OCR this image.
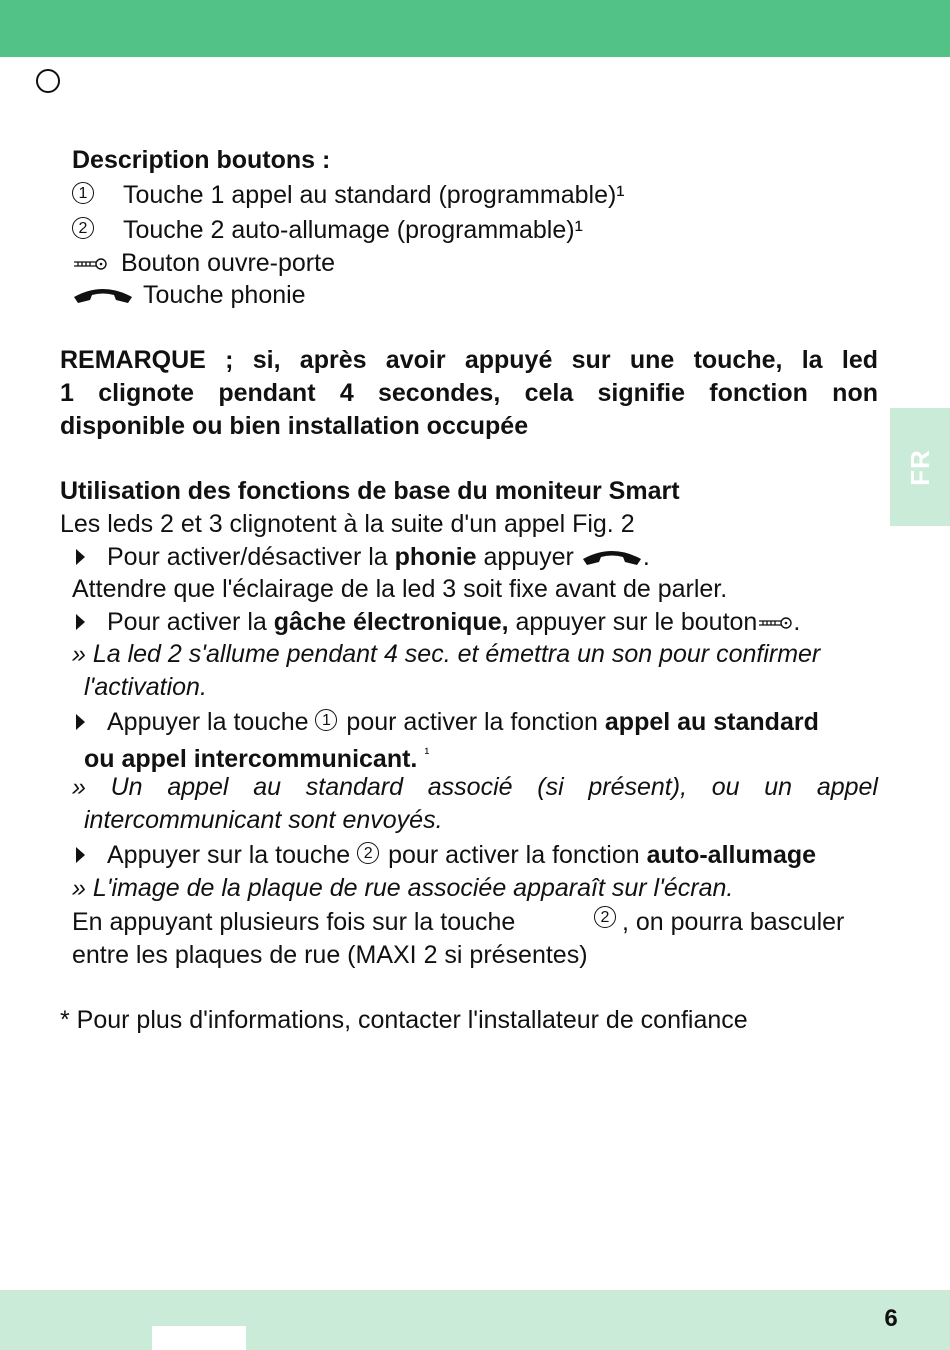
FR
Description boutons :
1 Touche 1 appel au standard (programmable)¹
2 Touche 2 auto-allumage (programmable)¹
Bouton ouvre-porte
Touche phonie
REMARQUE ; si, après avoir appuyé sur une touche, la led
1 clignote pendant 4 secondes, cela signifie fonction non
disponible ou bien installation occupée
Utilisation des fonctions de base du moniteur Smart
Les leds 2 et 3 clignotent à la suite d'un appel Fig. 2
Pour activer/désactiver la phonie appuyer .
Attendre que l'éclairage de la led 3 soit fixe avant de parler.
Pour activer la gâche électronique, appuyer sur le bouton .
» La led 2 s'allume pendant 4 sec. et émettra un son pour confirmer
l'activation.
Appuyer la touche 1 pour activer la fonction appel au standard
ou appel intercommunicant. $^{^1}$
» Un appel au standard associé (si présent), ou un appel
intercommunicant sont envoyés.
Appuyer sur la touche 2 pour activer la fonction auto-allumage
» L'image de la plaque de rue associée apparaît sur l'écran.
En appuyant plusieurs fois sur la touche	2 , on pourra basculer
entre les plaques de rue (MAXI 2 si présentes)
* Pour plus d'informations, contacter l'installateur de confiance
6
